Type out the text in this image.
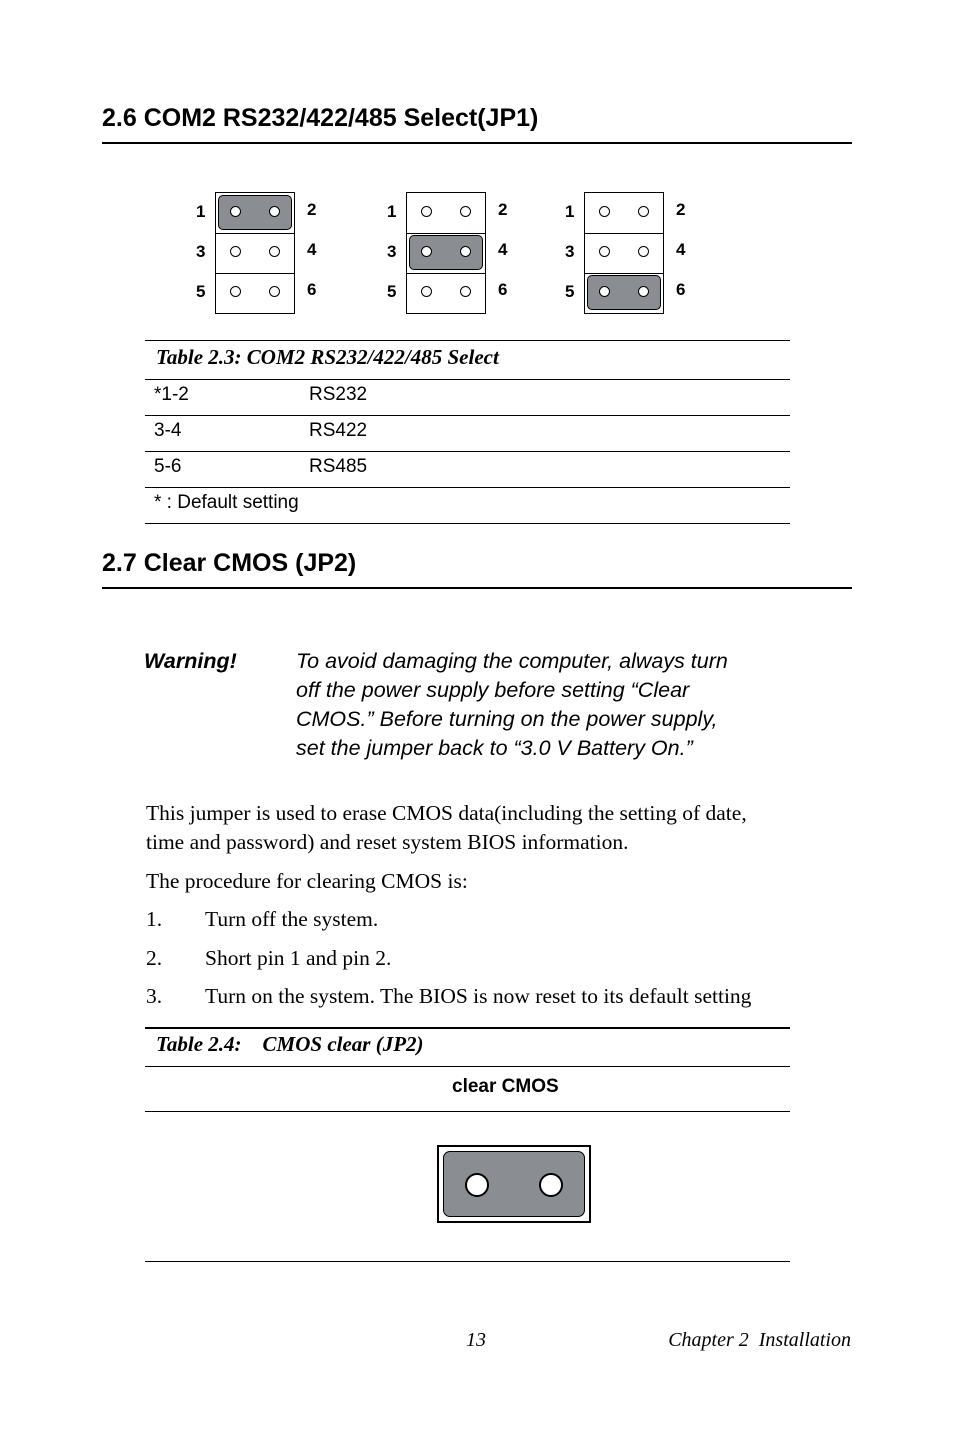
2.6 COM2 RS232/422/485 Select(JP1)
1	2
3	4
5	6
1	2
3	4
5	6
1	2
3	4
5	6
Table 2.3: COM2 RS232/422/485 Select
*1-2	RS232
3-4	RS422
5-6	RS485
* : Default setting
2.7 Clear CMOS (JP2)
Warning!	To avoid damaging the computer, always turn
off the power supply before setting “Clear
CMOS.” Before turning on the power supply,
set the jumper back to “3.0 V Battery On.”
This jumper is used to erase CMOS data(including the setting of date,
time and password) and reset system BIOS information.
The procedure for clearing CMOS is:
1. Turn off the system.
2. Short pin 1 and pin 2.
3. Turn on the system. The BIOS is now reset to its default setting
Table 2.4:    CMOS clear (JP2)
clear CMOS
13	Chapter 2  Installation
